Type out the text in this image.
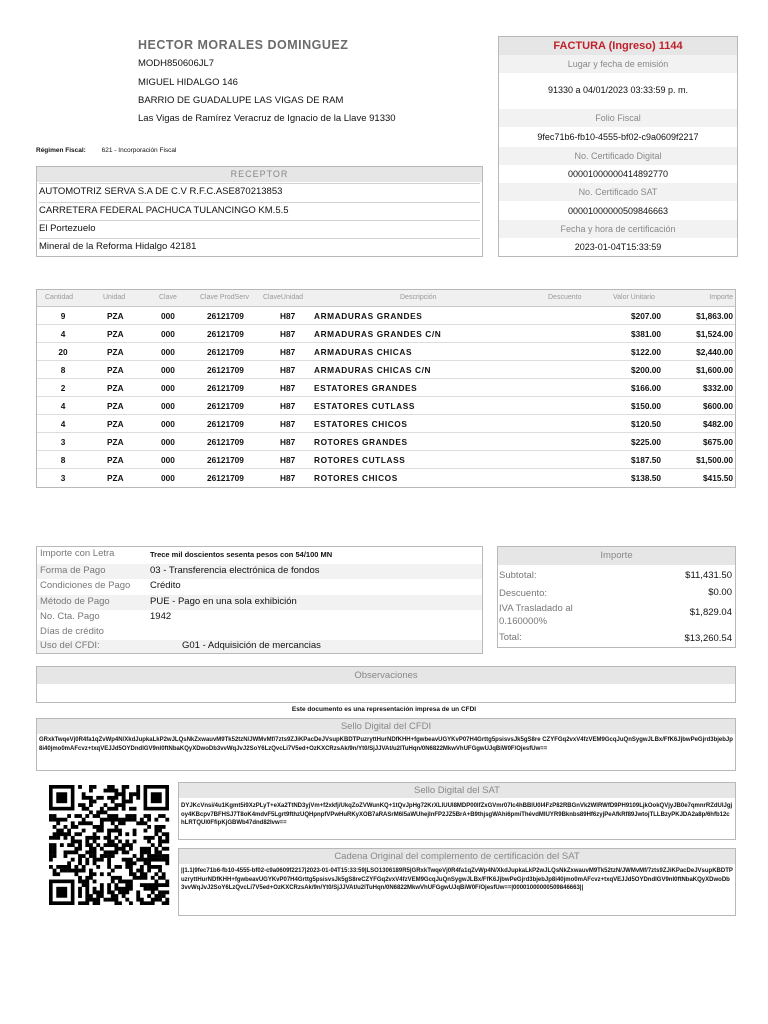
HECTOR MORALES DOMINGUEZ
MODH850606JL7
MIGUEL HIDALGO 146
BARRIO DE GUADALUPE LAS VIGAS DE RAM
Las Vigas de Ramírez Veracruz de Ignacio de la Llave 91330
Régimen Fiscal: 621 - Incorporación Fiscal
FACTURA (Ingreso) 1144
Lugar y fecha de emisión
91330 a 04/01/2023 03:33:59 p. m.
Folio Fiscal
9fec71b6-fb10-4555-bf02-c9a0609f2217
No. Certificado Digital
00001000000414892770
No. Certificado SAT
00001000000509846663
Fecha y hora de certificación
2023-01-04T15:33:59
RECEPTOR
AUTOMOTRIZ SERVA S.A DE C.V R.F.C.ASE870213853
CARRETERA FEDERAL PACHUCA TULANCINGO KM.5.5
El Portezuelo
Mineral de la Reforma Hidalgo 42181
Cantidad	Unidad	Clave	Clave ProdServ ClaveUnidad	Descripción	Descuento	Valor Unitario	Importe
9	PZA	000	26121709	H87 ARMADURAS GRANDES	$207.00	$1,863.00
4	PZA	000	26121709	H87 ARMADURAS GRANDES C/N	$381.00	$1,524.00
20	PZA	000	26121709	H87 ARMADURAS CHICAS	$122.00	$2,440.00
8	PZA	000	26121709	H87 ARMADURAS CHICAS C/N	$200.00	$1,600.00
2	PZA	000	26121709	H87 ESTATORES GRANDES	$166.00	$332.00
4	PZA	000	26121709	H87 ESTATORES CUTLASS	$150.00	$600.00
4	PZA	000	26121709	H87 ESTATORES CHICOS	$120.50	$482.00
3	PZA	000	26121709	H87 ROTORES GRANDES	$225.00	$675.00
8	PZA	000	26121709	H87 ROTORES CUTLASS	$187.50	$1,500.00
3	PZA	000	26121709	H87 ROTORES CHICOS	$138.50	$415.50
Importe con Letra	Trece mil doscientos sesenta pesos con 54/100 MN
Forma de Pago	03 - Transferencia electrónica de fondos
Condiciones de Pago Crédito
Método de Pago	PUE - Pago en una sola exhibición
No. Cta. Pago	1942
Días de crédito
Uso del CFDI:	G01 - Adquisición de mercancias
Importe
Subtotal:	$11,431.50
Descuento:	$0.00
IVA Trasladado al
0.160000%
$1,829.04
Total:	$13,260.54
Observaciones
Este documento es una representación impresa de un CFDI
Sello Digital del CFDI
GRxkTwqeVj0R4fa1qZvWp4N/XkdJupkaLkP2wJLQsNkZxwauvM9Tk52tzN/JWMvMf/7zts9ZJiKPacDeJVsupKBDTPuzryttHurNDfKHH+fgwbeavUGYKvP07H4Grttg5psisvsJk5gS8re CZYFGq2vxV4fzVEM9GcqJuQnSygwJLBx/FfK6JjbwPeGjrd3bjebJp8i40jmo0mAFcvz+txqVEJJd5OYDndlGV9nI0ftNbaKQyXDwoDb3vvWqJvJ2SoY6LzQvcLi7V5ed+OzKXCRzsAk/9n/Yt0/SjJJVAt/u2lTuHqn/0N6822MkwVhUFGgwUJqBiW0F/OjesfUw==
Sello Digital del SAT
DYJKcVnsi/4u1Kgmt5i9XzPLyT+eXa2TtND3yjVm+f2xkfj/UkqZoZVWunKQ+1tQvJpHg72KrXLlUUl8MDP00lfZxGVmr07Ic4hBBlU0l4FzP82RBGnVk2WIRWfD9PH9109LjkOokQVjyJB0e7qmnrRZdUlJgjoy4KBcpv7BFHSJ7T8oK4mdvF5Lgrt9fthzUQHpnpfVPwHuRKyXOB7aRASrM6l5aWUhejInFP2JZ5BrA+B9thjsgWAhi6pmiThévdMlUYR9Bknbs89Hf6zyjPeAfkRf89JwtojTLLBzyPKJDA2a8p/6hfb12chLRTQUl0FfipKjGBWb47dnd82Ivw==
Cadena Original del complemento de certificación del SAT
||1.1|9fec71b6-fb10-4555-bf02-c9a0609f2217|2023-01-04T15:33:59|LSO1306189R5|GRxkTwqeVj0R4fa1qZvWp4N/XkdJupkaLkP2wJLQsNkZxwauvM9Tk52tzN/JWMvMf/7zts9ZJiKPacDeJVsupKBDTPuzryttHurNDfKHH+fgwbeavUGYKvP07H4Grttg5psisvsJk5gS8reCZYFGq2vxV4fzVEM9GcqJuQnSygwJLBx/FfK6JjbwPeGjrd3bjebJp8i40jmo0mAFcvz+txqVEJJd5OYDndlGV9nI0ftNbaKQyXDwoDb3vvWqJvJ2SoY6LzQvcLi7V5ed+OzKXCRzsAk/9n/Yt0/SjJJVAt/u2lTuHqn/0N6822MkwVhUFGgwUJqBiW0F/OjesfUw==|00001000000509846663||
